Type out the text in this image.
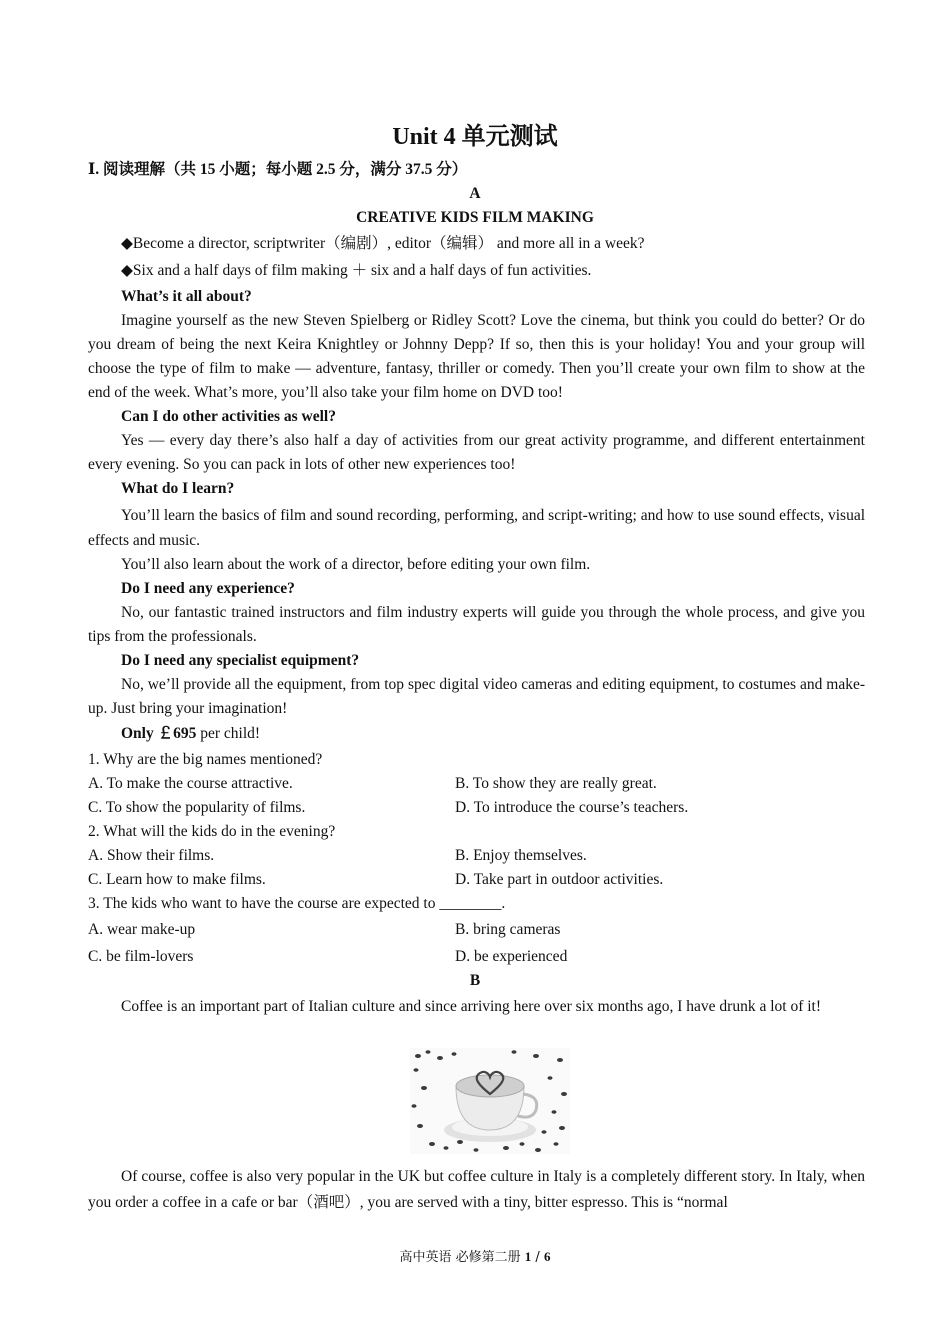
Unit 4 单元测试
Ⅰ. 阅读理解（共 15 小题；每小题 2.5 分，满分 37.5 分）
A
CREATIVE KIDS FILM MAKING
◆Become a director, scriptwriter（编剧）, editor（编辑） and more all in a week?
◆Six and a half days of film making ＋ six and a half days of fun activities.
What’s it all about?
Imagine yourself as the new Steven Spielberg or Ridley Scott? Love the cinema, but think you could do better? Or do you dream of being the next Keira Knightley or Johnny Depp? If so, then this is your holiday! You and your group will choose the type of film to make — adventure, fantasy, thriller or comedy. Then you’ll create your own film to show at the end of the week. What’s more, you’ll also take your film home on DVD too!
Can I do other activities as well?
Yes — every day there’s also half a day of activities from our great activity programme, and different entertainment every evening. So you can pack in lots of other new experiences too!
What do I learn?
You’ll learn the basics of film and sound recording, performing, and script-writing; and how to use sound effects, visual effects and music.
You’ll also learn about the work of a director, before editing your own film.
Do I need any experience?
No, our fantastic trained instructors and film industry experts will guide you through the whole process, and give you tips from the professionals.
Do I need any specialist equipment?
No, we’ll provide all the equipment, from top spec digital video cameras and editing equipment, to costumes and make-up. Just bring your imagination!
Only ￡695 per child!
1. Why are the big names mentioned?
A. To make the course attractive.	B. To show they are really great.
C. To show the popularity of films.	D. To introduce the course’s teachers.
2. What will the kids do in the evening?
A. Show their films.	B. Enjoy themselves.
C. Learn how to make films.	D. Take part in outdoor activities.
3. The kids who want to have the course are expected to ________.
A. wear make-up	B. bring cameras
C. be film-lovers	D. be experienced
B
Coffee is an important part of Italian culture and since arriving here over six months ago, I have drunk a lot of it!
Of course, coffee is also very popular in the UK but coffee culture in Italy is a completely different story. In Italy, when you order a coffee in a cafe or bar（酒吧）, you are served with a tiny, bitter espresso. This is “normal
高中英语 必修第二册 1 / 6
